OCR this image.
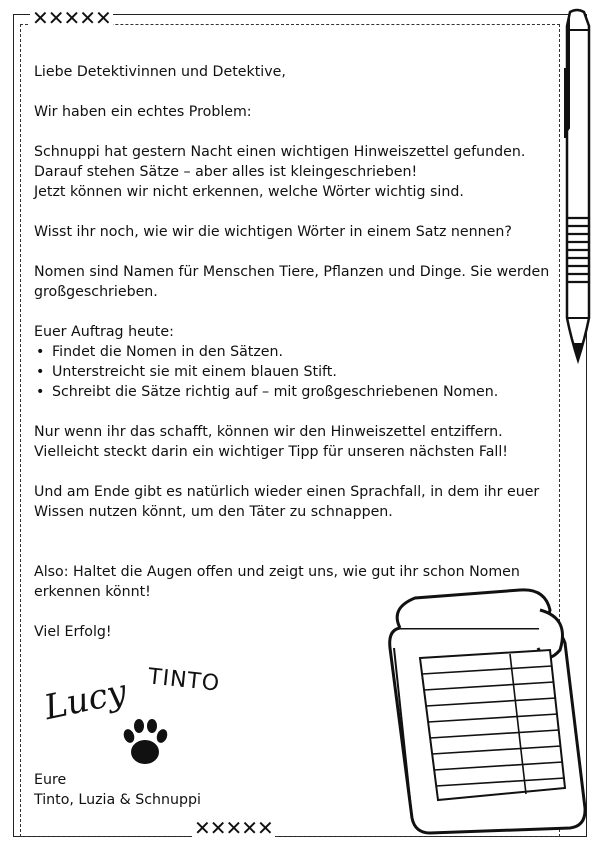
✕✕✕✕✕
✕✕✕✕✕

Liebe Detektivinnen und Detektive,

Wir haben ein echtes Problem:

Schnuppi hat gestern Nacht einen wichtigen Hinweiszettel gefunden.
Darauf stehen Sätze – aber alles ist kleingeschrieben!
Jetzt können wir nicht erkennen, welche Wörter wichtig sind.

Wisst ihr noch, wie wir die wichtigen Wörter in einem Satz nennen?

Nomen sind Namen für Menschen Tiere, Pflanzen und Dinge. Sie werden großgeschrieben.

Euer Auftrag heute:
• Findet die Nomen in den Sätzen.
• Unterstreicht sie mit einem blauen Stift.
• Schreibt die Sätze richtig auf – mit großgeschriebenen Nomen.

Nur wenn ihr das schafft, können wir den Hinweiszettel entziffern. Vielleicht steckt darin ein wichtiger Tipp für unseren nächsten Fall!

Und am Ende gibt es natürlich wieder einen Sprachfall, in dem ihr euer Wissen nutzen könnt, um den Täter zu schnappen.

Also: Haltet die Augen offen und zeigt uns, wie gut ihr schon Nomen erkennen könnt!

Viel Erfolg!

Lucy TINTO
Eure
Tinto, Luzia & Schnuppi
